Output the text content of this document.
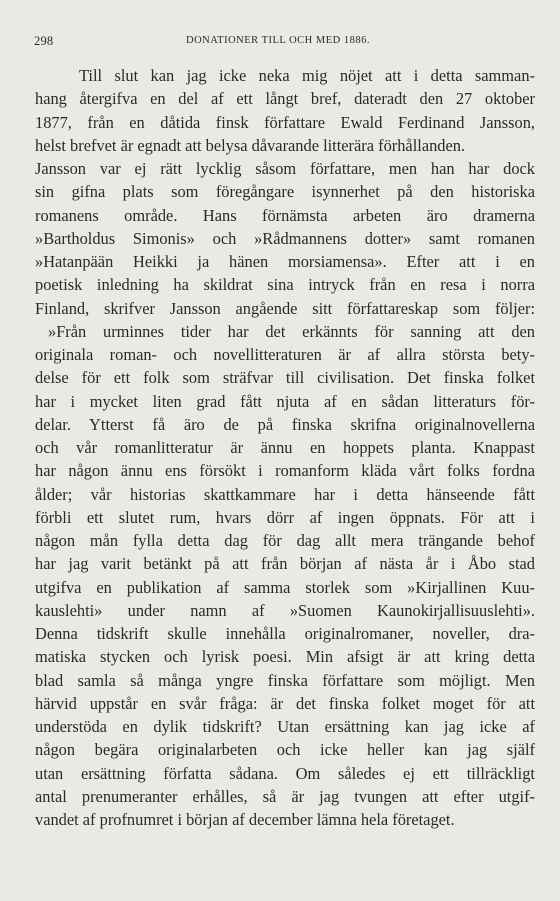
298	DONATIONER TILL OCH MED 1886.
Till slut kan jag icke neka mig nöjet att i detta samman-
hang återgifva en del af ett långt bref, dateradt den 27 oktober
1877, från en dåtida finsk författare Ewald Ferdinand Jansson,
helst brefvet är egnadt att belysa dåvarande litterära förhållanden.
Jansson var ej rätt lycklig såsom författare, men han har dock
sin gifna plats som föregångare isynnerhet på den historiska
romanens område. Hans förnämsta arbeten äro dramerna
»Bartholdus Simonis» och »Rådmannens dotter» samt romanen
»Hatanpään Heikki ja hänen morsiamensa». Efter att i en
poetisk inledning ha skildrat sina intryck från en resa i norra
Finland, skrifver Jansson angående sitt författareskap som följer:
»Från urminnes tider har det erkännts för sanning att den
originala roman- och novellitteraturen är af allra största bety-
delse för ett folk som sträfvar till civilisation. Det finska folket
har i mycket liten grad fått njuta af en sådan litteraturs för-
delar. Ytterst få äro de på finska skrifna originalnovellerna
och vår romanlitteratur är ännu en hoppets planta. Knappast
har någon ännu ens försökt i romanform kläda vårt folks fordna
ålder; vår historias skattkammare har i detta hänseende fått
förbli ett slutet rum, hvars dörr af ingen öppnats. För att i
någon mån fylla detta dag för dag allt mera trängande behof
har jag varit betänkt på att från början af nästa år i Åbo stad
utgifva en publikation af samma storlek som »Kirjallinen Kuu-
kauslehti» under namn af »Suomen Kaunokirjallisuuslehti».
Denna tidskrift skulle innehålla originalromaner, noveller, dra-
matiska stycken och lyrisk poesi. Min afsigt är att kring detta
blad samla så många yngre finska författare som möjligt. Men
härvid uppstår en svår fråga: är det finska folket moget för att
understöda en dylik tidskrift? Utan ersättning kan jag icke af
någon begära originalarbeten och icke heller kan jag själf
utan ersättning författa sådana. Om således ej ett tillräckligt
antal prenumeranter erhålles, så är jag tvungen att efter utgif-
vandet af profnumret i början af december lämna hela företaget.
